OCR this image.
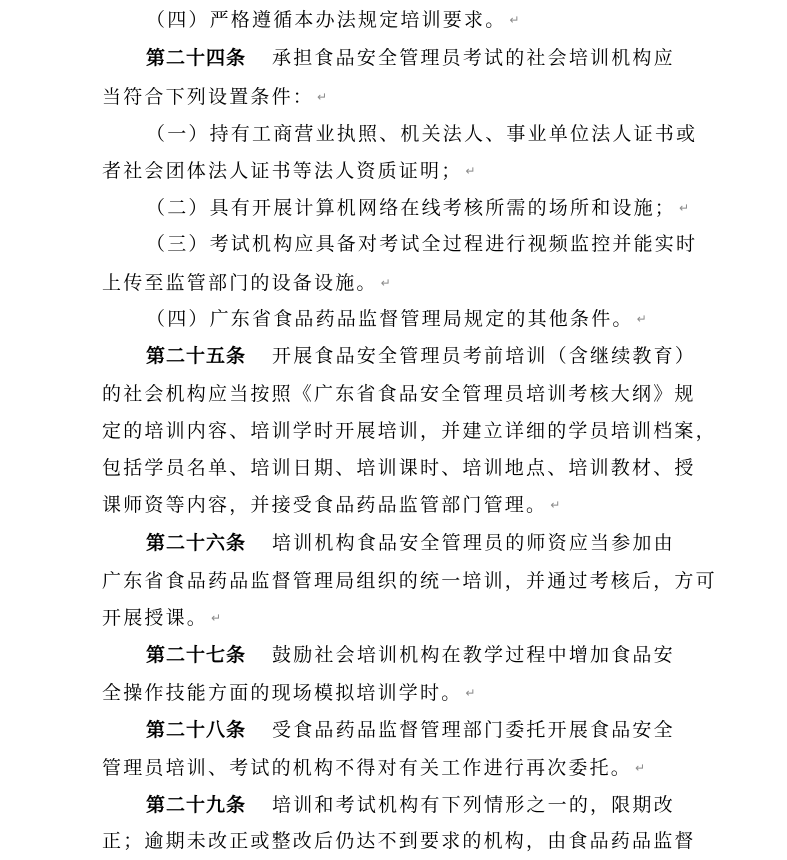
（四）严格遵循本办法规定培训要求。 ↵
第二十四条 承担食品安全管理员考试的社会培训机构应
当符合下列设置条件： ↵
（一）持有工商营业执照、机关法人、事业单位法人证书或
者社会团体法人证书等法人资质证明； ↵
（二）具有开展计算机网络在线考核所需的场所和设施； ↵
（三）考试机构应具备对考试全过程进行视频监控并能实时
上传至监管部门的设备设施。 ↵
（四）广东省食品药品监督管理局规定的其他条件。 ↵
第二十五条 开展食品安全管理员考前培训（含继续教育）
的社会机构应当按照《广东省食品安全管理员培训考核大纲》规
定的培训内容、培训学时开展培训，并建立详细的学员培训档案，
包括学员名单、培训日期、培训课时、培训地点、培训教材、授
课师资等内容，并接受食品药品监管部门管理。 ↵
第二十六条 培训机构食品安全管理员的师资应当参加由
广东省食品药品监督管理局组织的统一培训，并通过考核后，方可
开展授课。 ↵
第二十七条 鼓励社会培训机构在教学过程中增加食品安
全操作技能方面的现场模拟培训学时。 ↵
第二十八条 受食品药品监督管理部门委托开展食品安全
管理员培训、考试的机构不得对有关工作进行再次委托。 ↵
第二十九条 培训和考试机构有下列情形之一的，限期改
正；逾期未改正或整改后仍达不到要求的机构，由食品药品监督
